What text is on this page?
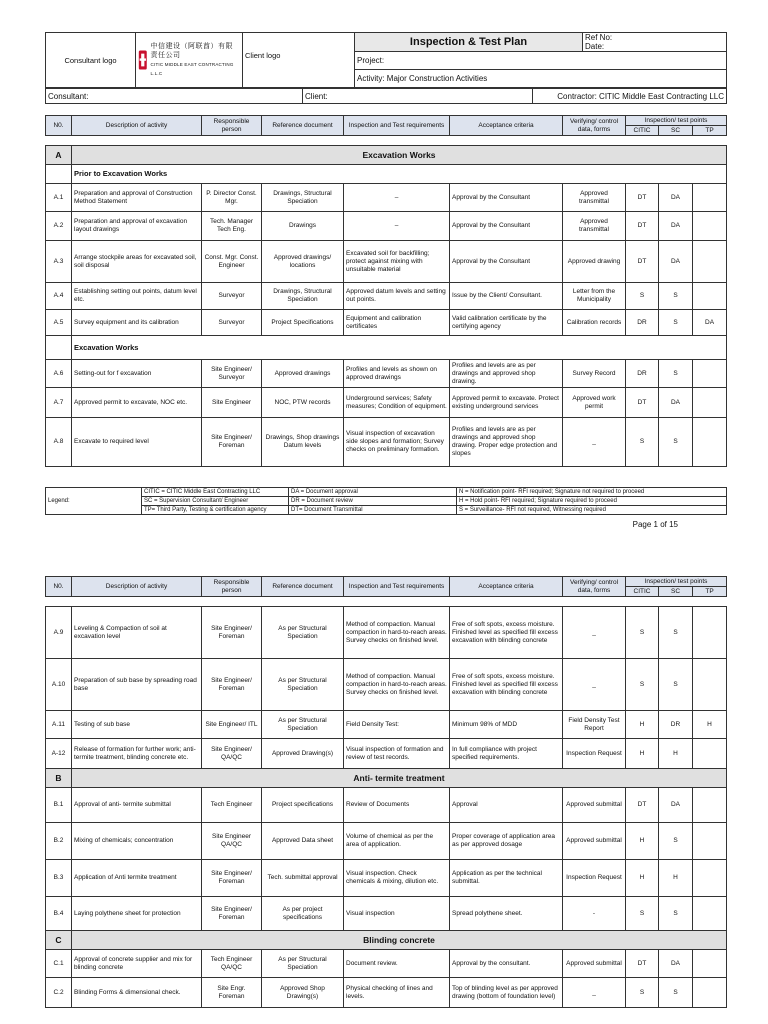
Consultant logo	
中信建设（阿联酋）有限责任公司
CITIC MIDDLE EAST CONTRACTING L.L.C
	Client logo	Inspection & Test Plan	Ref No:
Date:

Project:
Activity: Major Construction Activities
Consultant:	Client:	Contractor: CITIC Middle East Contracting LLC
N0.	Description of activity	Responsible person	Reference document	Inspection and Test requirements	Acceptance criteria	Verifying/ control data, forms	Inspection/ test points		
							CITIC	SC	TP
A	Excavation Works								
	Prior to Excavation Works								
A.1	Preparation and approval of Construction Method Statement	P. Director Const. Mgr.	Drawings, Structural Speciation	–	Approval by the Consultant	Approved transmittal	DT	DA	
A.2	Preparation and approval of excavation layout drawings	Tech. Manager Tech Eng.	Drawings	–	Approval by the Consultant	Approved transmittal	DT	DA	
A.3	Arrange stockpile areas for excavated soil, soil disposal	Const. Mgr. Const. Engineer	Approved drawings/ locations	Excavated soil for backfilling; protect against mixing with unsuitable material	Approval by the Consultant	Approved drawing	DT	DA	
A.4	Establishing setting out points, datum level etc.	Surveyor	Drawings, Structural Speciation	Approved datum levels and setting out points.	Issue by the Client/ Consultant.	Letter from the Municipality	S	S	
A.5	Survey equipment and its calibration	Surveyor	Project Specifications	Equipment and calibration certificates	Valid calibration certificate by the certifying agency	Calibration records	DR	S	DA
	Excavation Works								
A.6	Setting-out for f excavation	Site Engineer/ Surveyor	Approved drawings	Profiles and levels as shown on approved drawings	Profiles and levels are as per drawings and approved shop drawing.	Survey Record	DR	S	
A.7	Approved permit to excavate, NOC etc.	Site Engineer	NOC, PTW records	Underground services; Safety measures; Condition of equipment.	Approved permit to excavate. Protect existing underground services	Approved work permit	DT	DA	
A.8	Excavate to required level	Site Engineer/ Foreman	Drawings, Shop drawings Datum levels	Visual inspection of excavation side slopes and formation; Survey checks on preliminary formation.	Profiles and levels are as per drawings and approved shop drawing. Proper edge protection and slopes	_	S	S	
Legend:	CITIC = CITIC Middle East Contracting LLC	DA = Document approval	N = Notification point- RFI required; Signature not required to proceed
	SC = Supervision Consultant/ Engineer	DR = Document review	H = Hold point- RFI required; Signature required to proceed
	TP= Third Party, Testing & certification agency	DT= Document Transmittal	S = Surveillance- RFI not required, Witnessing required
Page 1 of 15
N0.	Description of activity	Responsible person	Reference document	Inspection and Test requirements	Acceptance criteria	Verifying/ control data, forms	Inspection/ test points		
							CITIC	SC	TP
A.9	Leveling & Compaction of soil at excavation level	Site Engineer/ Foreman	As per Structural Speciation	Method of compaction. Manual compaction in hard-to-reach areas. Survey checks on finished level.	Free of soft spots, excess moisture. Finished level as specified fill excess excavation with blinding concrete	_	S	S	
A.10	Preparation of sub base by spreading road base	Site Engineer/ Foreman	As per Structural Speciation	Method of compaction. Manual compaction in hard-to-reach areas. Survey checks on finished level.	Free of soft spots, excess moisture. Finished level as specified fill excess excavation with blinding concrete	_	S	S	
A.11	Testing of sub base	Site Engineer/ ITL	As per Structural Speciation	Field Density Test:	Minimum 98% of MDD	Field Density Test Report	H	DR	H
A-12	Release of formation for further work; anti-termite treatment, blinding concrete etc.	Site Engineer/ QA/QC	Approved Drawing(s)	Visual inspection of formation and review of test records.	In full compliance with project specified requirements.	Inspection Request	H	H	
B	Anti- termite treatment								
B.1	Approval of anti- termite submittal	Tech Engineer	Project specifications	Review of Documents	Approval	Approved submittal	DT	DA	
B.2	Mixing of chemicals; concentration	Site Engineer QA/QC	Approved Data sheet	Volume of chemical as per the area of application.	Proper coverage of application area as per approved dosage	Approved submittal	H	S	
B.3	Application of Anti termite treatment	Site Engineer/ Foreman	Tech. submittal approval	Visual inspection. Check chemicals & mixing, dilution etc.	Application as per the technical submittal.	Inspection Request	H	H	
B.4	Laying polythene sheet for protection	Site Engineer/ Foreman	As per project specifications	Visual inspection	Spread polythene sheet.	-	S	S	
C	Blinding concrete								
C.1	Approval of concrete supplier and mix for blinding concrete	Tech Engineer QA/QC	As per Structural Speciation	Document review.	Approval by the consultant.	Approved submittal	DT	DA	
C.2	Blinding Forms & dimensional check.	Site Engr. Foreman	Approved Shop Drawing(s)	Physical checking of lines and levels.	Top of blinding level as per approved drawing (bottom of foundation level)	_	S	S	
